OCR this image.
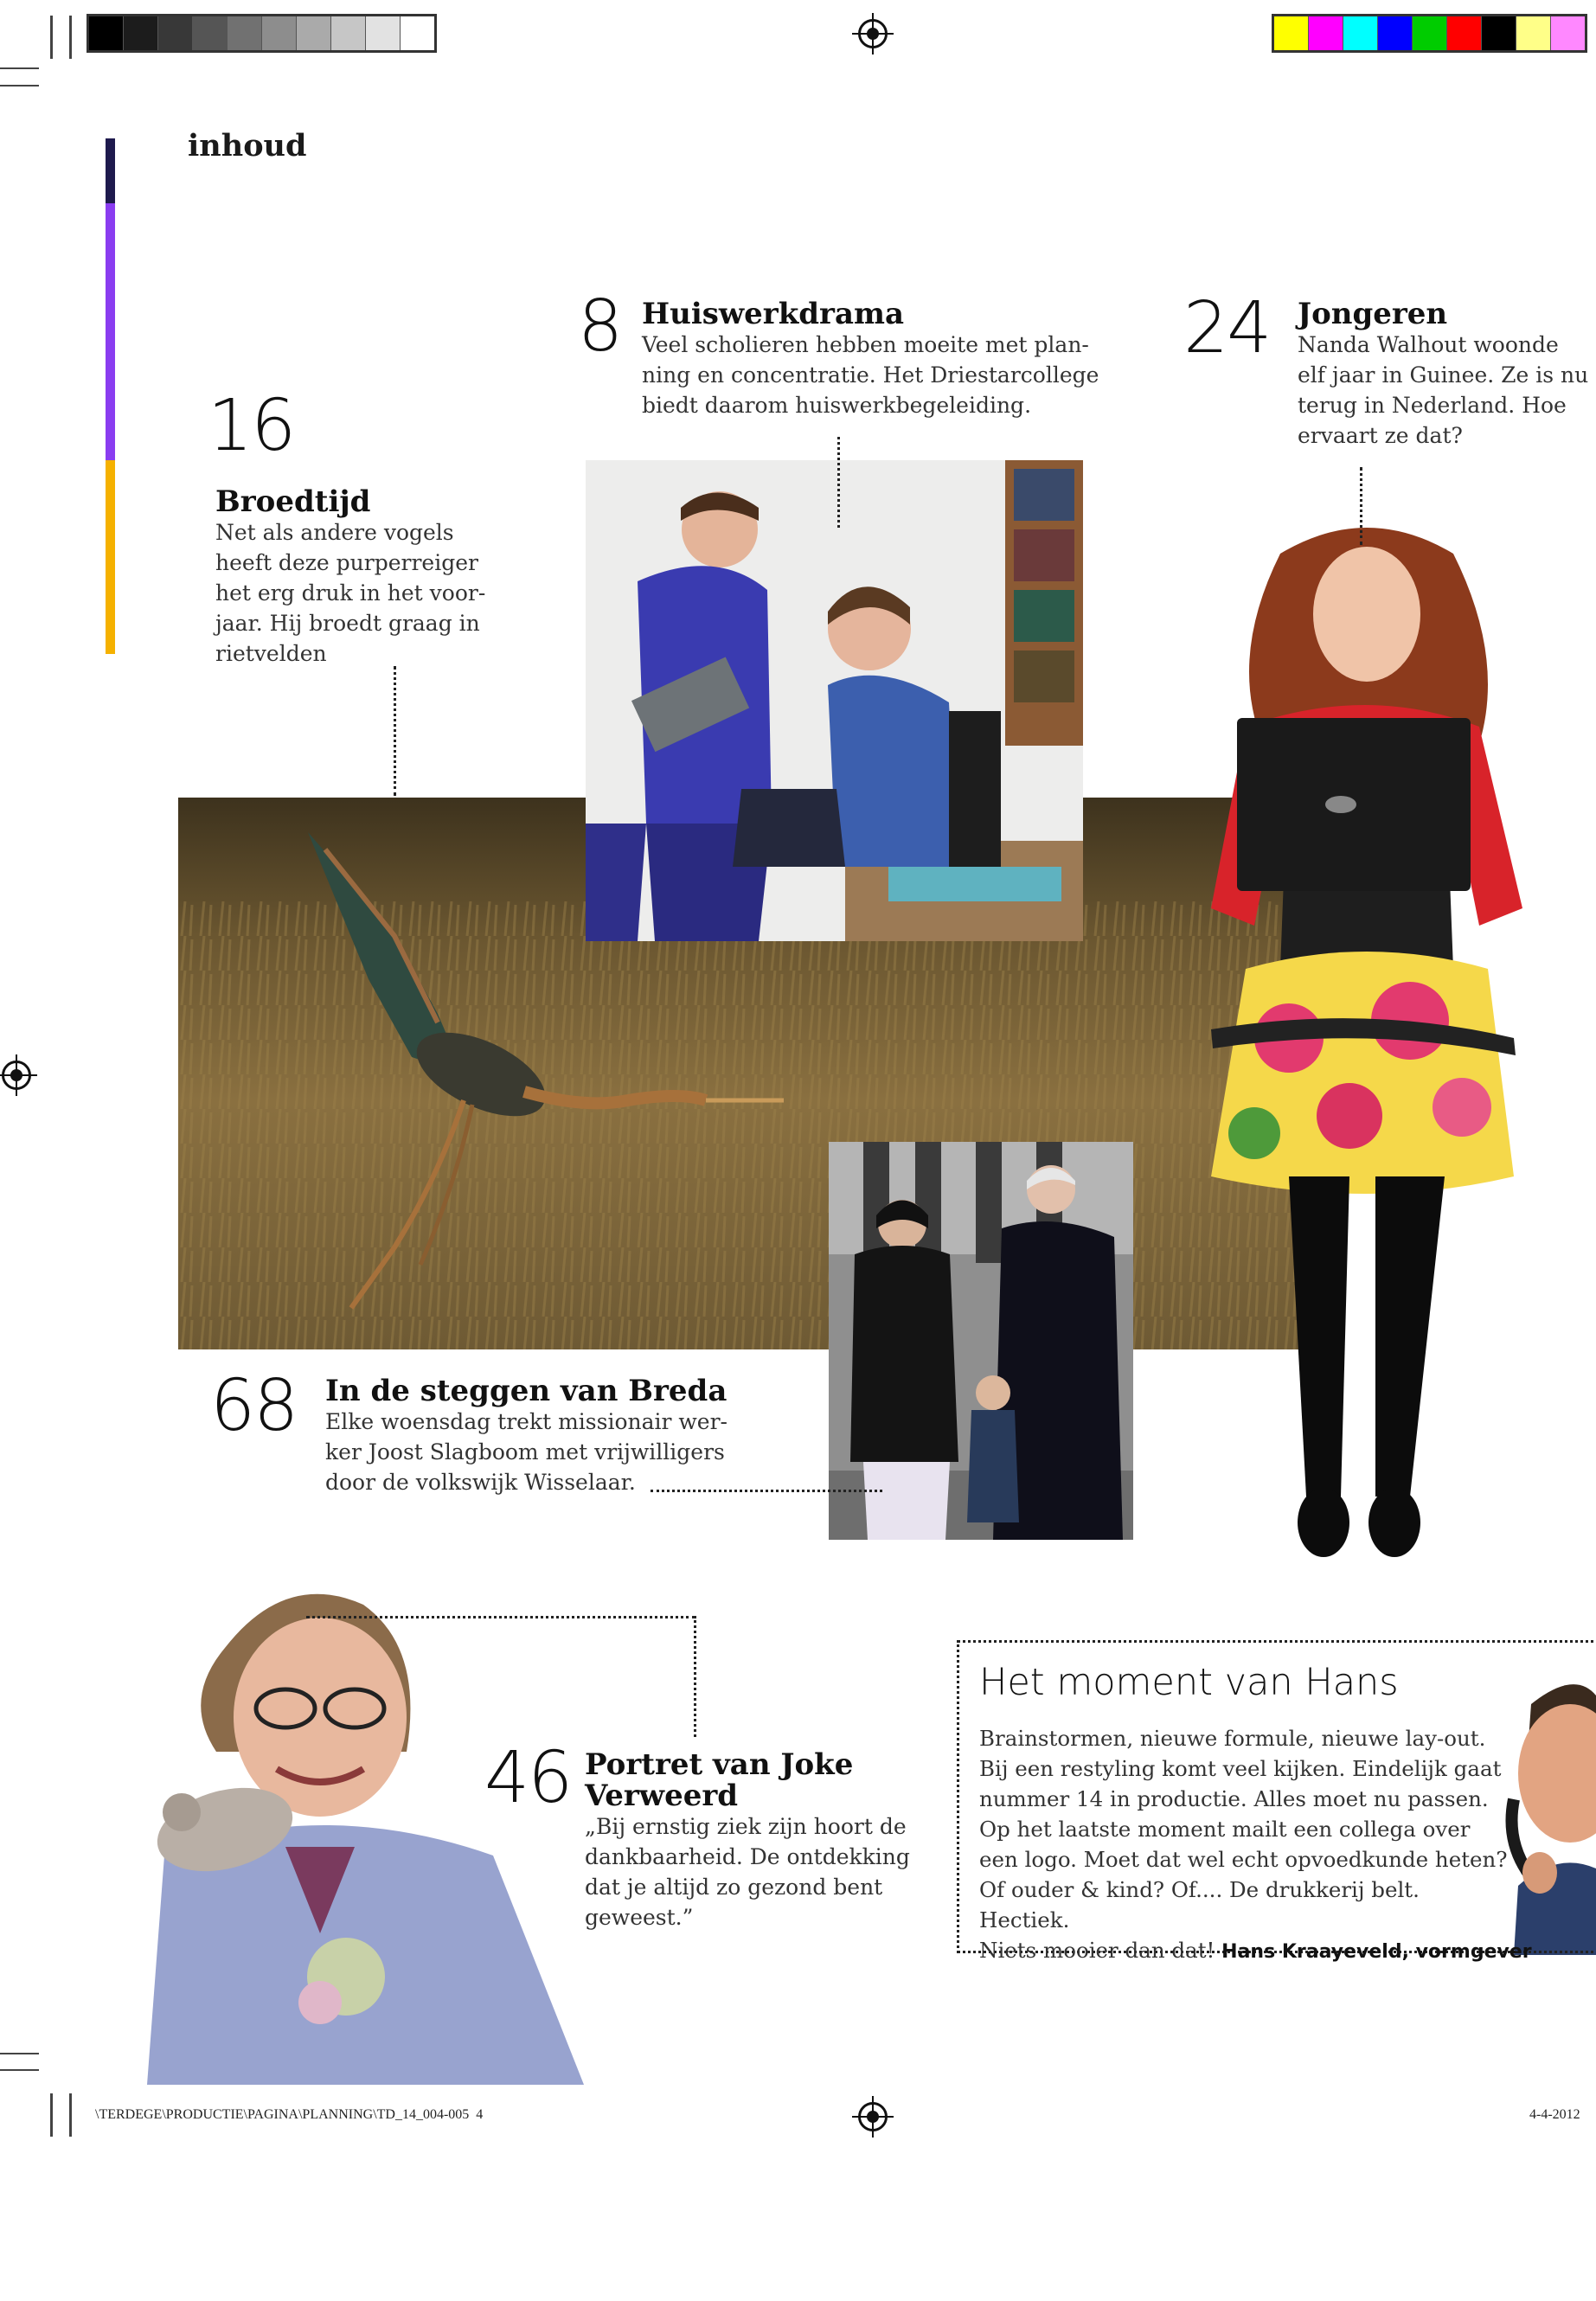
inhoud
8 Huiswerkdrama
Veel scholieren hebben moeite met plan-
ning en concentratie. Het Driestarcollege
biedt daarom huiswerkbegeleiding.
24 Jongeren
Nanda Walhout woonde
elf jaar in Guinee. Ze is nu
terug in Nederland. Hoe
ervaart ze dat?
16
Broedtijd
Net als andere vogels
heeft deze purperreiger
het erg druk in het voor-
jaar. Hij broedt graag in
rietvelden
68 In de steggen van Breda
Elke woensdag trekt missionair wer-
ker Joost Slagboom met vrijwilligers
door de volkswijk Wisselaar.
46 Portret van Joke
Verweerd
„Bij ernstig ziek zijn hoort de
dankbaarheid. De ontdekking
dat je altijd zo gezond bent
geweest.”
Het moment van Hans
Brainstormen, nieuwe formule, nieuwe lay-out.
Bij een restyling komt veel kijken. Eindelijk gaat
nummer 14 in productie. Alles moet nu passen.
Op het laatste moment mailt een collega over
een logo. Moet dat wel echt opvoedkunde heten?
Of ouder & kind? Of.... De drukkerij belt. Hectiek.
Niets mooier dan dat! Hans Kraayeveld, vormgever
\TERDEGE\PRODUCTIE\PAGINA\PLANNING\TD_14_004-005  4	4-4-2012
